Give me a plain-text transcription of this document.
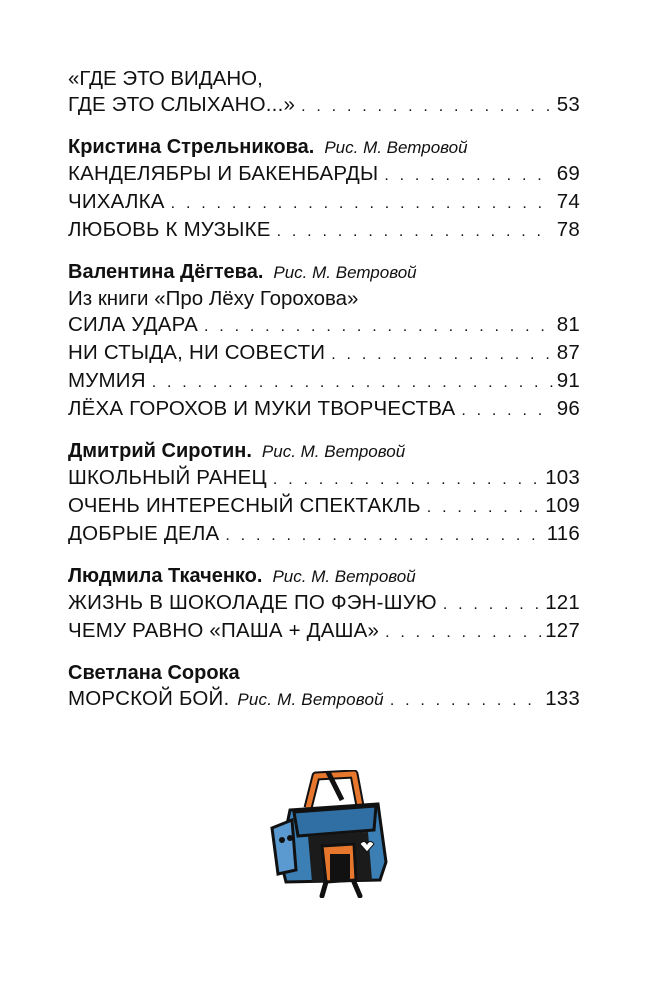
«ГДЕ ЭТО ВИДАНО,
ГДЕ ЭТО СЛЫХАНО...» . . .	53
Кристина Стрельникова. Рис. М. Ветровой
КАНДЕЛЯБРЫ И БАКЕНБАРДЫ . . .	69
ЧИХАЛКА . . .	74
ЛЮБОВЬ К МУЗЫКЕ . . .	78
Валентина Дёгтева. Рис. М. Ветровой
Из книги «Про Лёху Горохова»
СИЛА УДАРА . . .	81
НИ СТЫДА, НИ СОВЕСТИ . . .	87
МУМИЯ . . .	91
ЛЁХА ГОРОХОВ И МУКИ ТВОРЧЕСТВА . . .	96
Дмитрий Сиротин. Рис. М. Ветровой
ШКОЛЬНЫЙ РАНЕЦ . . .	103
ОЧЕНЬ ИНТЕРЕСНЫЙ СПЕКТАКЛЬ . . .	109
ДОБРЫЕ ДЕЛА . . .	116
Людмила Ткаченко. Рис. М. Ветровой
ЖИЗНЬ В ШОКОЛАДЕ ПО ФЭН-ШУЮ . . .	121
ЧЕМУ РАВНО «ПАША + ДАША» . . .	127
Светлана Сорока
МОРСКОЙ БОЙ. Рис. М. Ветровой . . .	133
